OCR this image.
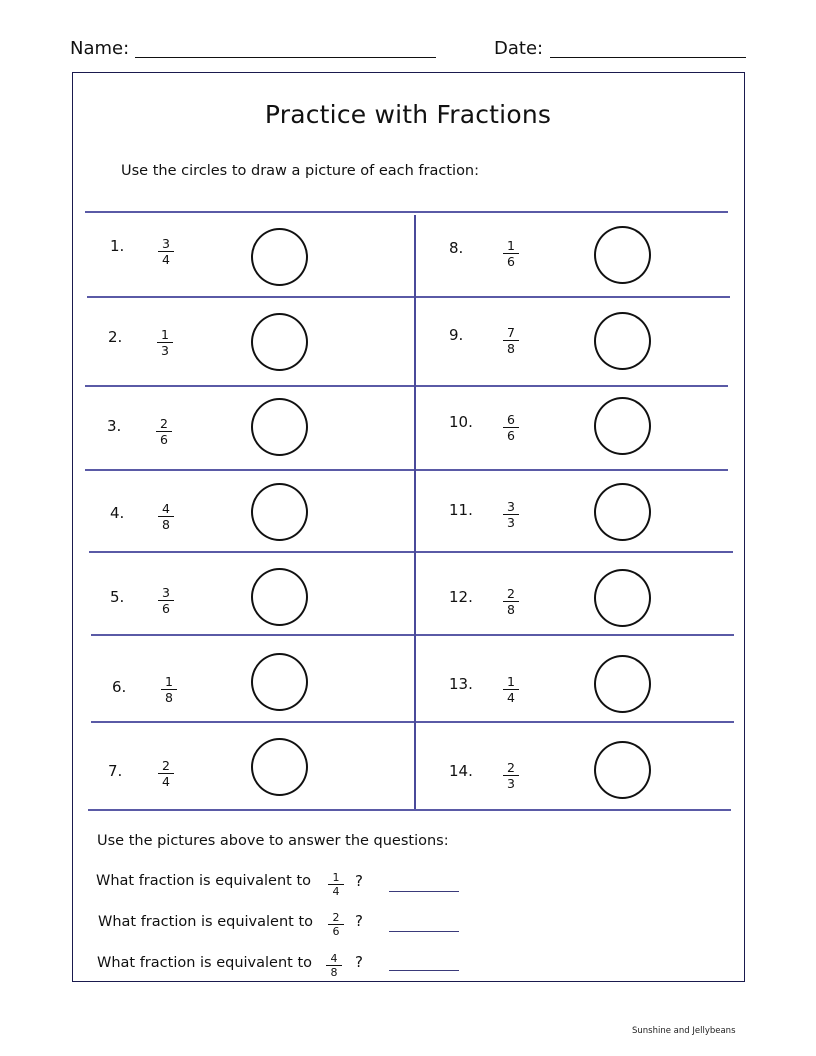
Name:	Date:
Practice with Fractions
Use the circles to draw a picture of each fraction:
1.	$\frac{3}{4}$
2.	$\frac{1}{3}$
3.	$\frac{2}{6}$
4.	$\frac{4}{8}$
5.	$\frac{3}{6}$
6.	$\frac{1}{8}$
7.	$\frac{2}{4}$
8.	$\frac{1}{6}$
9.	$\frac{7}{8}$
10. $\frac{6}{6}$
11. $\frac{3}{3}$
12. $\frac{2}{8}$
13. $\frac{1}{4}$
14. $\frac{2}{3}$
Use the pictures above to answer the questions:
What fraction is equivalent to $\frac{1}{4}$ ?
What fraction is equivalent to $\frac{2}{6}$ ?
What fraction is equivalent to $\frac{4}{8}$ ?
Sunshine and Jellybeans
